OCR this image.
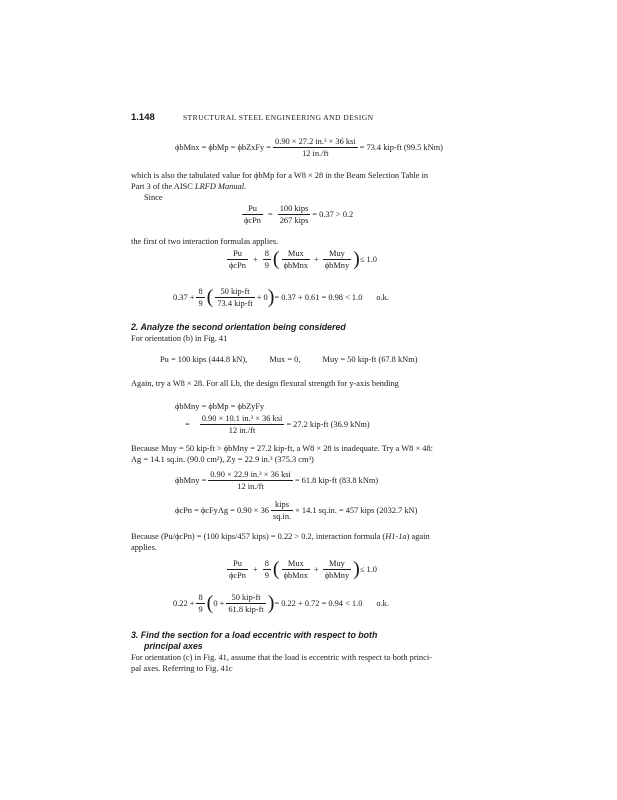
1.148	STRUCTURAL STEEL ENGINEERING AND DESIGN
ϕbMnx = ϕbMp = ϕbZxFy = $\frac{\text{0.90 × 27.2 in.³ × 36 ksi}}{12 in./ft} = 73.4$ kip-ft (99.5 kNm)
which is also the tabulated value for ϕbMp for a W8 × 28 in the Beam Selection Table in
Part 3 of the AISC LRFD Manual.
Since
$\frac{Pu}{\text{ϕcPn}} = \frac{\text{100 kips}}{\text{267 kips}} = 0.37 > 0.2$
the first of two interaction formulas applies.
$\frac{Pu}{\text{ϕcPn}} + \frac{8}{9}$ ( $\frac{\text{Mux}}{\text{ϕbMnx}} + \frac{\text{Muy}}{\text{ϕbMny}}$ ) ≤ 1.0
$0.37 + \frac{8}{9}$ ( $\frac{\text{50 kip-ft}}{\text{73.4 kip-ft}} + 0$ ) = 0.37 + 0.61 = 0.98 < 1.0 o.k.
2. Analyze the second orientation being considered
For orientation (b) in Fig. 41
Pu = 100 kips (444.8 kN),	Mux = 0,	Muy = 50 kip-ft (67.8 kNm)
Again, try a W8 × 28. For all Lb, the design flexural strength for y-axis bending
ϕbMny = ϕbMp = ϕbZyFy
= $\frac{\text{0.90 × 10.1 in.³ × 36 ksi}}{12 in./ft} = 27.2$ kip-ft (36.9 kNm)
Because Muy = 50 kip-ft > ϕbMny = 27.2 kip-ft, a W8 × 28 is inadequate. Try a W8 × 48:
Ag = 14.1 sq.in. (90.0 cm²), Zy = 22.9 in.³ (375.3 cm³)
ϕbMny = $\frac{\text{0.90 × 22.9 in.³ × 36 ksi}}{12 in./ft} = 61.8$ kip-ft (83.8 kNm)
ϕcPn = ϕcFyAg = $0.90 \times 36 \frac{\text{kips}}{sq.in.} \times 14.1$ sq.in. = 457 kips (2032.7 kN)
Because (Pu/ϕcPn) = (100 kips/457 kips) = 0.22 > 0.2, interaction formula (H1-1a) again
applies.
$\frac{Pu}{\text{ϕcPn}} + \frac{8}{9}$ ( $\frac{\text{Mux}}{\text{ϕbMnx}} + \frac{\text{Muy}}{\text{ϕbMny}}$ ) ≤ 1.0
$0.22 + \frac{8}{9}$ ( $0 + \frac{\text{50 kip-ft}}{\text{61.8 kip-ft}}$ ) = 0.22 + 0.72 = 0.94 < 1.0 o.k.
3. Find the section for a load eccentric with respect to both
principal axes
For orientation (c) in Fig. 41, assume that the load is eccentric with respect to both princi-
pal axes. Referring to Fig. 41c
